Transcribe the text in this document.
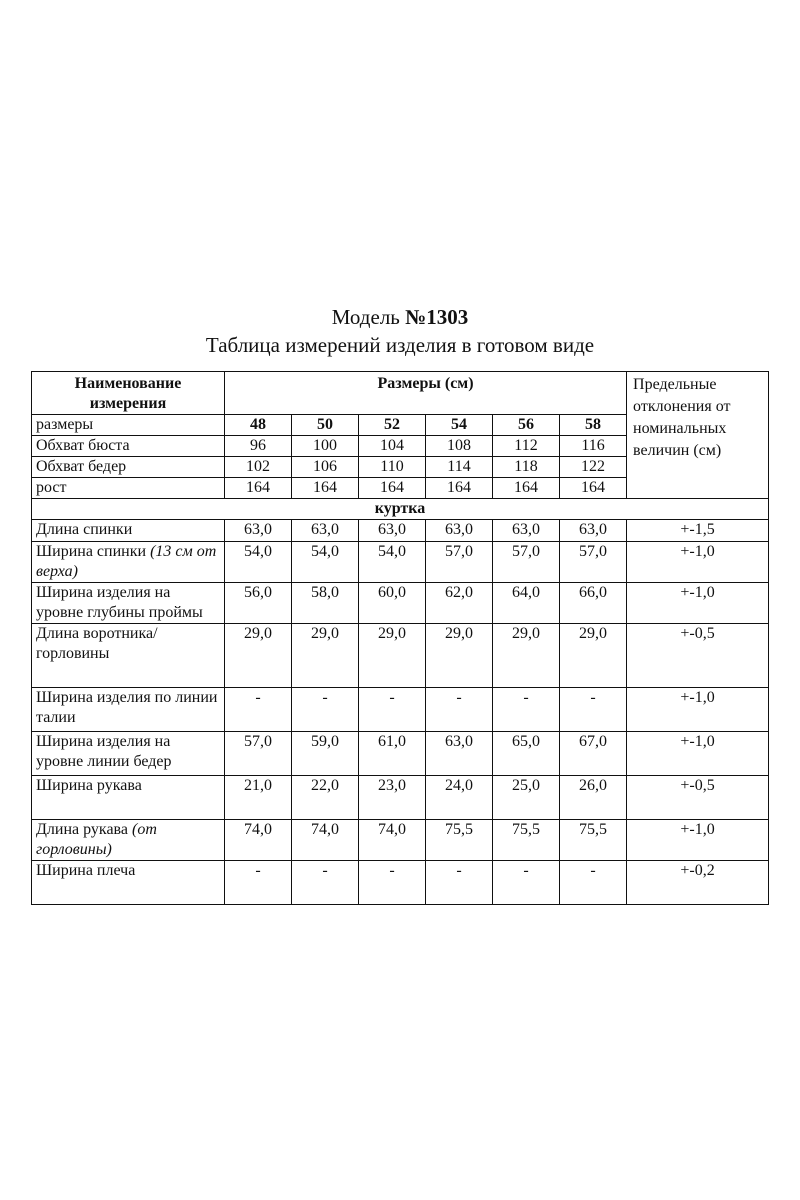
Модель №1303
Таблица измерений изделия в готовом виде
Наименование измерения	Размеры (см)						Предельные отклонения от номинальных величин (см)
размеры	48	50	52	54	56	58	
Обхват бюста	96	100	104	108	112	116	
Обхват бедер	102	106	110	114	118	122	
рост	164	164	164	164	164	164	
куртка							
Длина спинки	63,0	63,0	63,0	63,0	63,0	63,0	+-1,5
Ширина спинки (13 см от верха)	54,0	54,0	54,0	57,0	57,0	57,0	+-1,0
Ширина изделия на уровне глубины проймы	56,0	58,0	60,0	62,0	64,0	66,0	+-1,0
Длина воротника/горловины	29,0	29,0	29,0	29,0	29,0	29,0	+-0,5
Ширина изделия по линии талии	-	-	-	-	-	-	+-1,0
Ширина изделия на уровне линии бедер	57,0	59,0	61,0	63,0	65,0	67,0	+-1,0
Ширина рукава	21,0	22,0	23,0	24,0	25,0	26,0	+-0,5
Длина рукава (от горловины)	74,0	74,0	74,0	75,5	75,5	75,5	+-1,0
Ширина плеча	-	-	-	-	-	-	+-0,2
